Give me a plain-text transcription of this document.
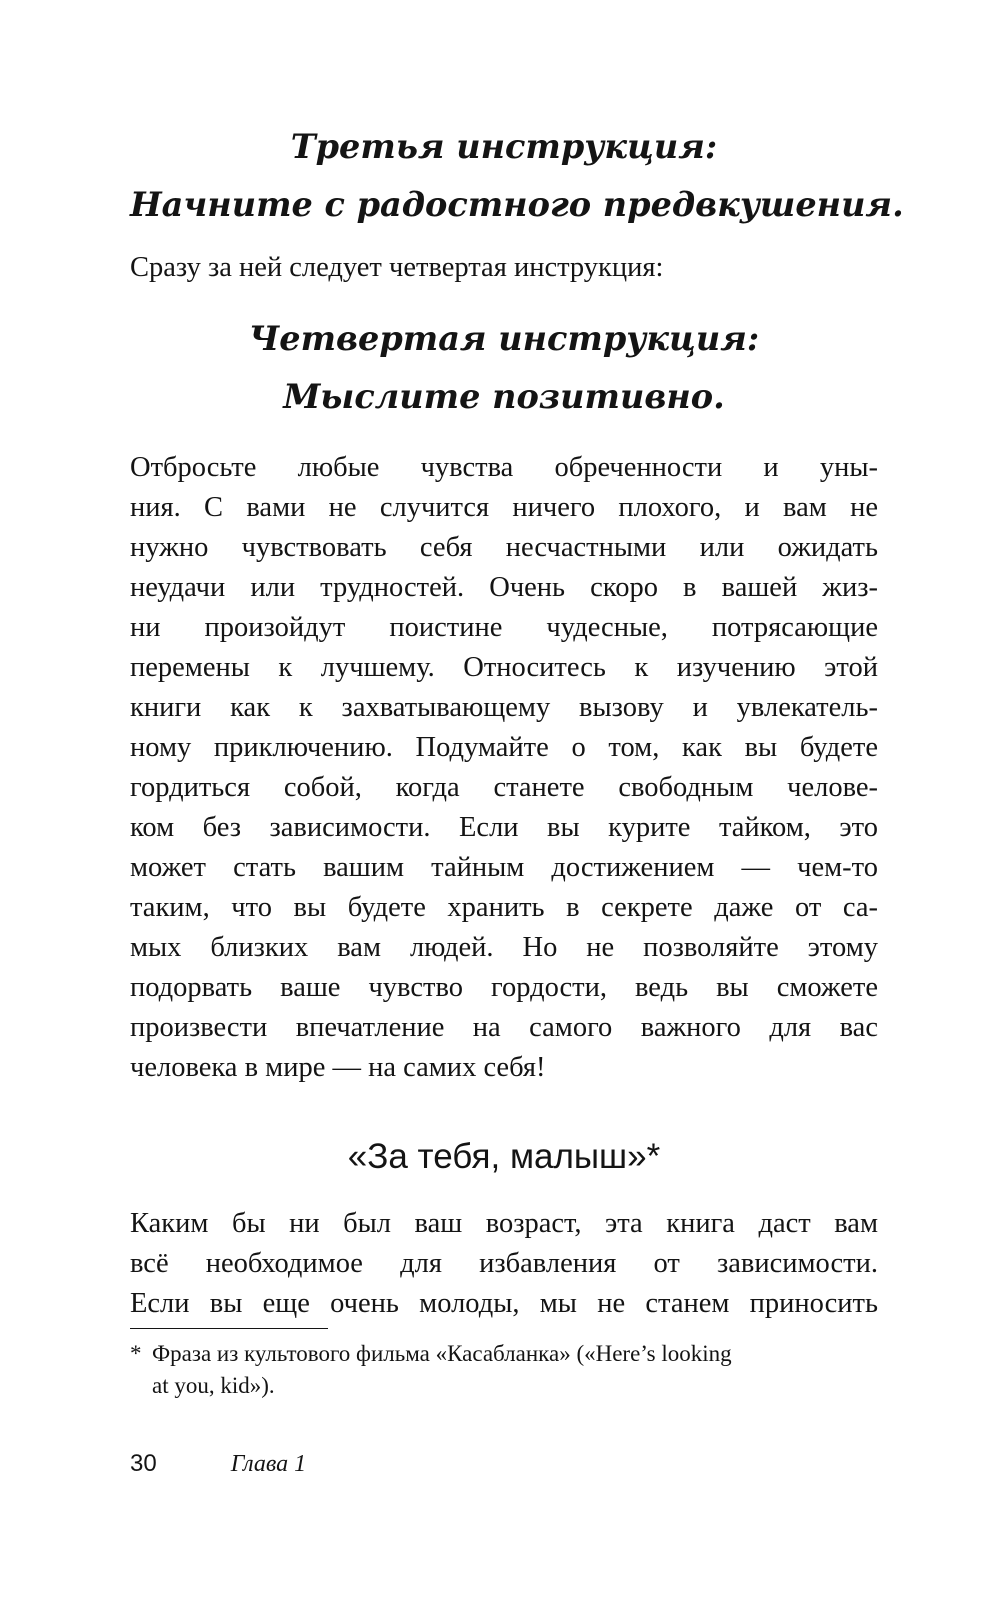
Третья инструкция:
Начните с радостного предвкушения.
Сразу за ней следует четвертая инструкция:
Четвертая инструкция:
Мыслите позитивно.
Отбросьте любые чувства обреченности и уны-
ния. С вами не случится ничего плохого, и вам не
нужно чувствовать себя несчастными или ожидать
неудачи или трудностей. Очень скоро в вашей жиз-
ни произойдут поистине чудесные, потрясающие
перемены к лучшему. Относитесь к изучению этой
книги как к захватывающему вызову и увлекатель-
ному приключению. Подумайте о том, как вы будете
гордиться собой, когда станете свободным челове-
ком без зависимости. Если вы курите тайком, это
может стать вашим тайным достижением — чем-то
таким, что вы будете хранить в секрете даже от са-
мых близких вам людей. Но не позволяйте этому
подорвать ваше чувство гордости, ведь вы сможете
произвести впечатление на самого важного для вас
человека в мире — на самих себя!
«За тебя, малыш»*
Каким бы ни был ваш возраст, эта книга даст вам
всё необходимое для избавления от зависимости.
Если вы еще очень молоды, мы не станем приносить
* Фраза из культового фильма «Касабланка» («Here’s looking
at you, kid»).
30	Глава 1
